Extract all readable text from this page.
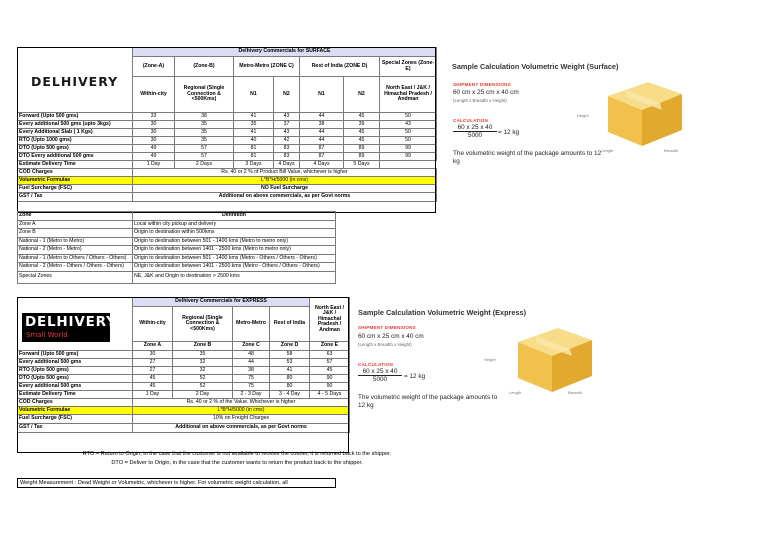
	Delhivery Commercials for SURFACE						
	(Zone-A)	(Zone-B)	Metro-Metro (ZONE C)		Rest of India (ZONE D)		Special Zones (Zone-E)
	Within-city	Regional (Single Connection &<500Kms)	N1	N2	N1	N2	North East / J&K / Himachal Pradesh / Andman
Forward (Upto 500 gms)	33	38	41	43	44	45	50
Every additional 500 gms (upto 3kgs)	30	35	35	37	38	39	43
Every Additional Slab ( 1 Kgs)	30	35	41	43	44	45	50
RTO (Upto 1000 gms)	30	35	40	42	44	45	50
DTO (Upto 500 gms)	49	57	81	83	87	89	99
DTO Every additional 500 gms	49	57	81	83	87	89	99
Estimate Delivery Time	1 Day	2 Days	3 Days	4 Days	4 Days	5 Days	
COD Charges	Rs. 40 or 2 % of Product Bill Value, whichever is higher						
Volumetric Formulae	L*B*H/5000 (in cms)						
Fuel Surcharge (FSC)	NO Fuel Surcharge						
GST / Tax	Additional on above commercials, as per Govt norms						
DELHIVERY
Zone	Definition
Zone A	Local within city pickup and delivery
Zone B	Origin to destination within 500kms
National - 1 (Metro to Metro)	Origin to destination between 501 - 1400 kms (Metro to metro only)
National - 2 (Metro - Metro)	Origin to destination between 1401 - 2500 kms (Metro to metro only)
National - 1 (Metro to Others / Others - Others)	Origin to destination between 501 - 1400 kms (Metro - Others / Others - Others)
National - 2 (Metro - Others / Others - Others)	Origin to destination between 1401 - 2500 kms (Metro - Others / Others - Others)
Special Zones	NE, J&K and Origin to destination > 2500 kms
	Delhivery Commercials for EXPRESS				North East / J&K / Himachal Pradesh / Andman
	Within-city	Regional (Single Connection &<500Kms)	Metro-Metro	Rest of India	
	Zone A	Zone B	Zone C	Zone D	Zone E
Forward (Upto 500 gms)	30	35	48	58	63
Every additional 500 gms	27	32	44	53	57
RTO (Upto 500 gms)	27	32	38	41	45
DTO (Upto 500 gms)	45	52	75	80	90
Every additional 500 gms	45	52	75	80	90
Estimate Delivery Time	1 Day	2 Day	2 - 3 Day	3 - 4 Day	4 - 5 Days
COD Charges	Rs. 40 or 2 % of the Value. Whichever is higher				
Volumetric Formulae	L*B*H/5000 (in cms)				
Fuel Surcharge (FSC)	10% on Freight Charges				
GST / Tax	Additional on above commercials, as per Govt norms				
DELHIVERY
Small World
Sample Calculation Volumetric Weight (Surface)
SHIPMENT DIMENSIONS
60 cm x 25 cm x 40 cm
(Length x Breadth x Height)
CALCULATION
$\frac{60 x 25 x 40}{5000} = 12$ kg
The volumetric weight of the package amounts to 12 kg
Height
Length	Breadth
Sample Calculation Volumetric Weight (Express)
SHIPMENT DIMENSIONS
60 cm x 25 cm x 40 cm
(Length x Breadth x Height)
CALCULATION
$\frac{60 x 25 x 40}{5000} = 12$ kg
The volumetric weight of the package amounts to 12 kg
Height
Length	Breadth
RTO = Return to Origin, in the case that the customer is not available to receive the courier, it is returned back to the shipper.
DTO = Deliver to Origin, in the case that the customer wants to return the product back to the shipper.
Weight Measurement : Dead Weight or Volumetric, whichever is higher. For volumetric weight calculation, all
